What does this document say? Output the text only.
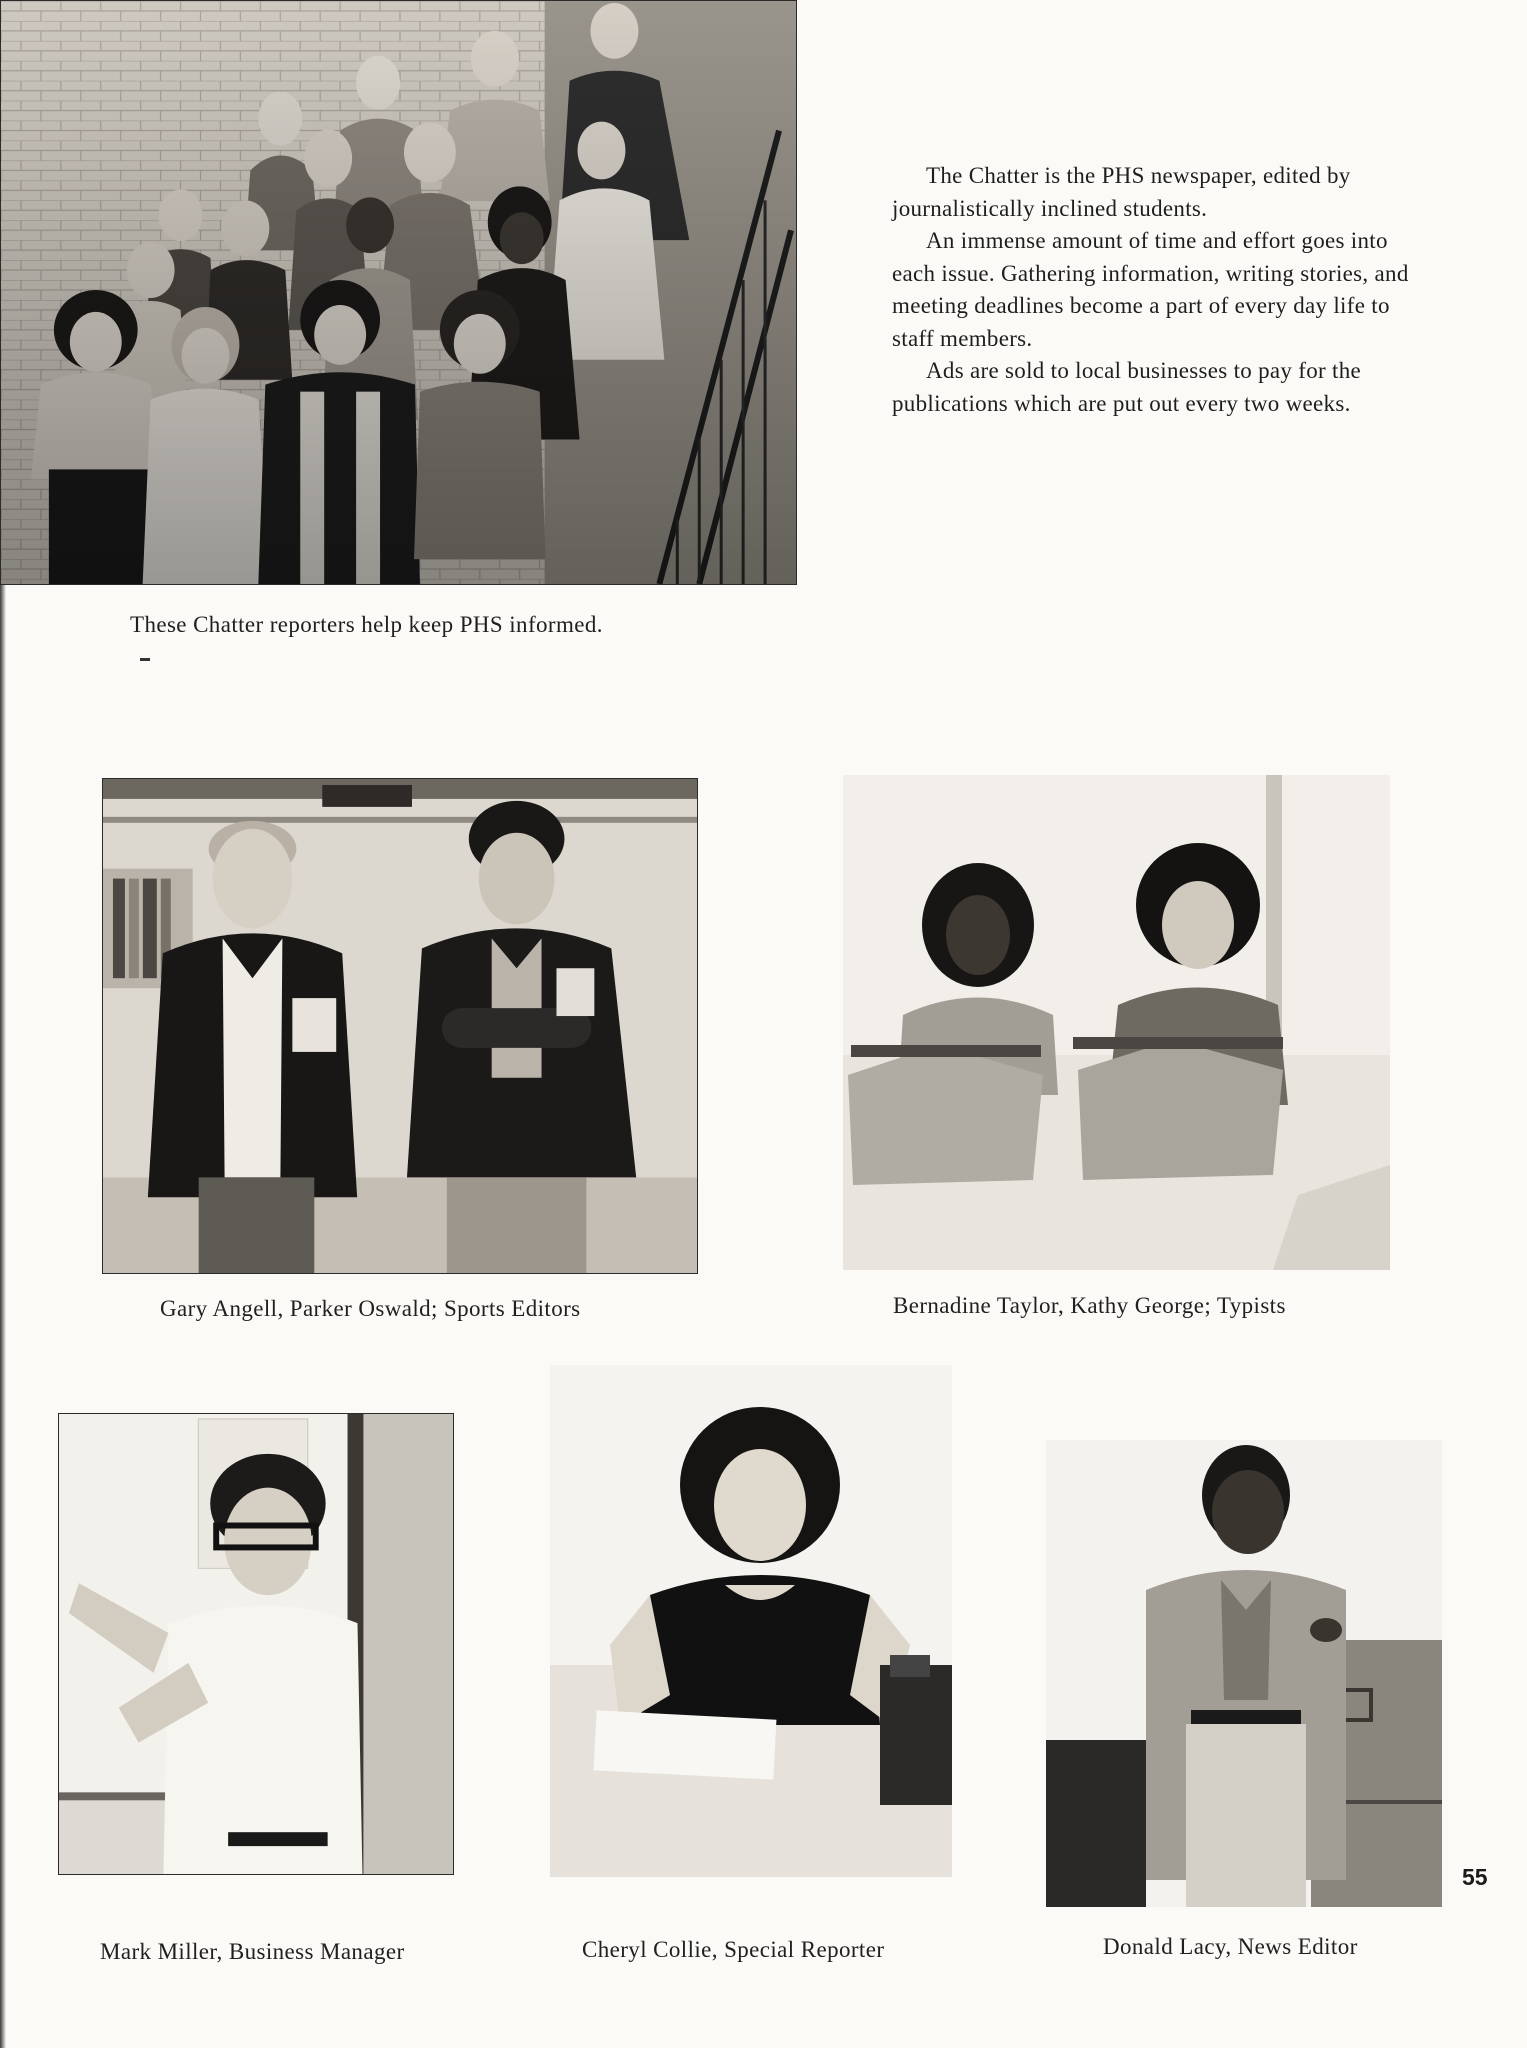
These Chatter reporters help keep PHS informed.

The Chatter is the PHS newspaper, edited by journalistically inclined students.

An immense amount of time and effort goes into each issue. Gathering information, writing stories, and meeting deadlines become a part of every day life to staff members.

Ads are sold to local businesses to pay for the publications which are put out every two weeks.

Gary Angell, Parker Oswald; Sports Editors	Bernadine Taylor, Kathy George; Typists
Mark Miller, Business Manager	Cheryl Collie, Special Reporter	Donald Lacy, News Editor
55
